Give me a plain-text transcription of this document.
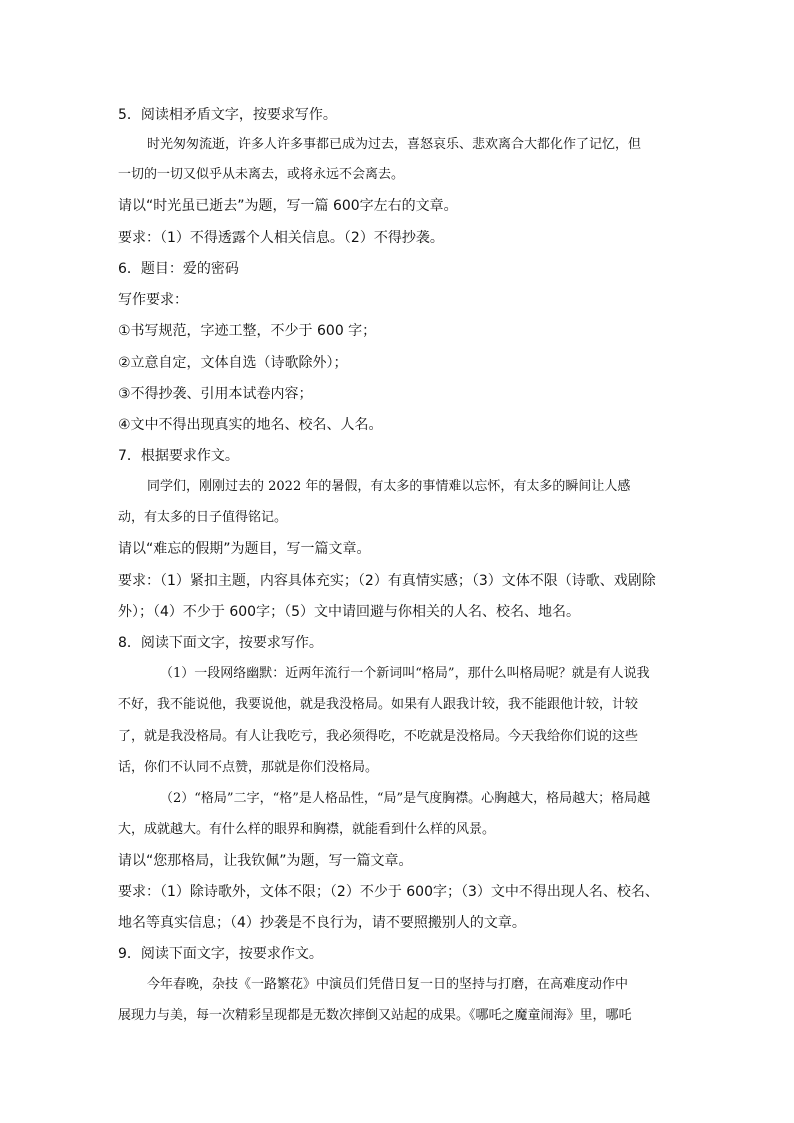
5．阅读相矛盾文字，按要求写作。
时光匆匆流逝，许多人许多事都已成为过去，喜怒哀乐、悲欢离合大都化作了记忆，但
一切的一切又似乎从未离去，或将永远不会离去。
请以“时光虽已逝去”为题，写一篇 600字左右的文章。
要求：（1）不得透露个人相关信息。（2）不得抄袭。
6．题目：爱的密码
写作要求：
①书写规范，字迹工整，不少于 600 字；
②立意自定，文体自选（诗歌除外）；
③不得抄袭、引用本试卷内容；
④文中不得出现真实的地名、校名、人名。
7．根据要求作文。
同学们，刚刚过去的 2022 年的暑假，有太多的事情难以忘怀，有太多的瞬间让人感
动，有太多的日子值得铭记。
请以“难忘的假期”为题目，写一篇文章。
要求：（1）紧扣主题，内容具体充实；（2）有真情实感；（3）文体不限（诗歌、戏剧除
外）；（4）不少于 600字；（5）文中请回避与你相关的人名、校名、地名。
8．阅读下面文字，按要求写作。
（1）一段网络幽默：近两年流行一个新词叫“格局”，那什么叫格局呢？就是有人说我
不好，我不能说他，我要说他，就是我没格局。如果有人跟我计较，我不能跟他计较，计较
了，就是我没格局。有人让我吃亏，我必须得吃，不吃就是没格局。今天我给你们说的这些
话，你们不认同不点赞，那就是你们没格局。
（2）“格局”二字，“格”是人格品性，“局”是气度胸襟。心胸越大，格局越大；格局越
大，成就越大。有什么样的眼界和胸襟，就能看到什么样的风景。
请以“您那格局，让我钦佩”为题，写一篇文章。
要求：（1）除诗歌外，文体不限；（2）不少于 600字；（3）文中不得出现人名、校名、
地名等真实信息；（4）抄袭是不良行为，请不要照搬别人的文章。
9．阅读下面文字，按要求作文。
今年春晚，杂技《一路繁花》中演员们凭借日复一日的坚持与打磨，在高难度动作中
展现力与美，每一次精彩呈现都是无数次摔倒又站起的成果。《哪吒之魔童闹海》里，哪吒
